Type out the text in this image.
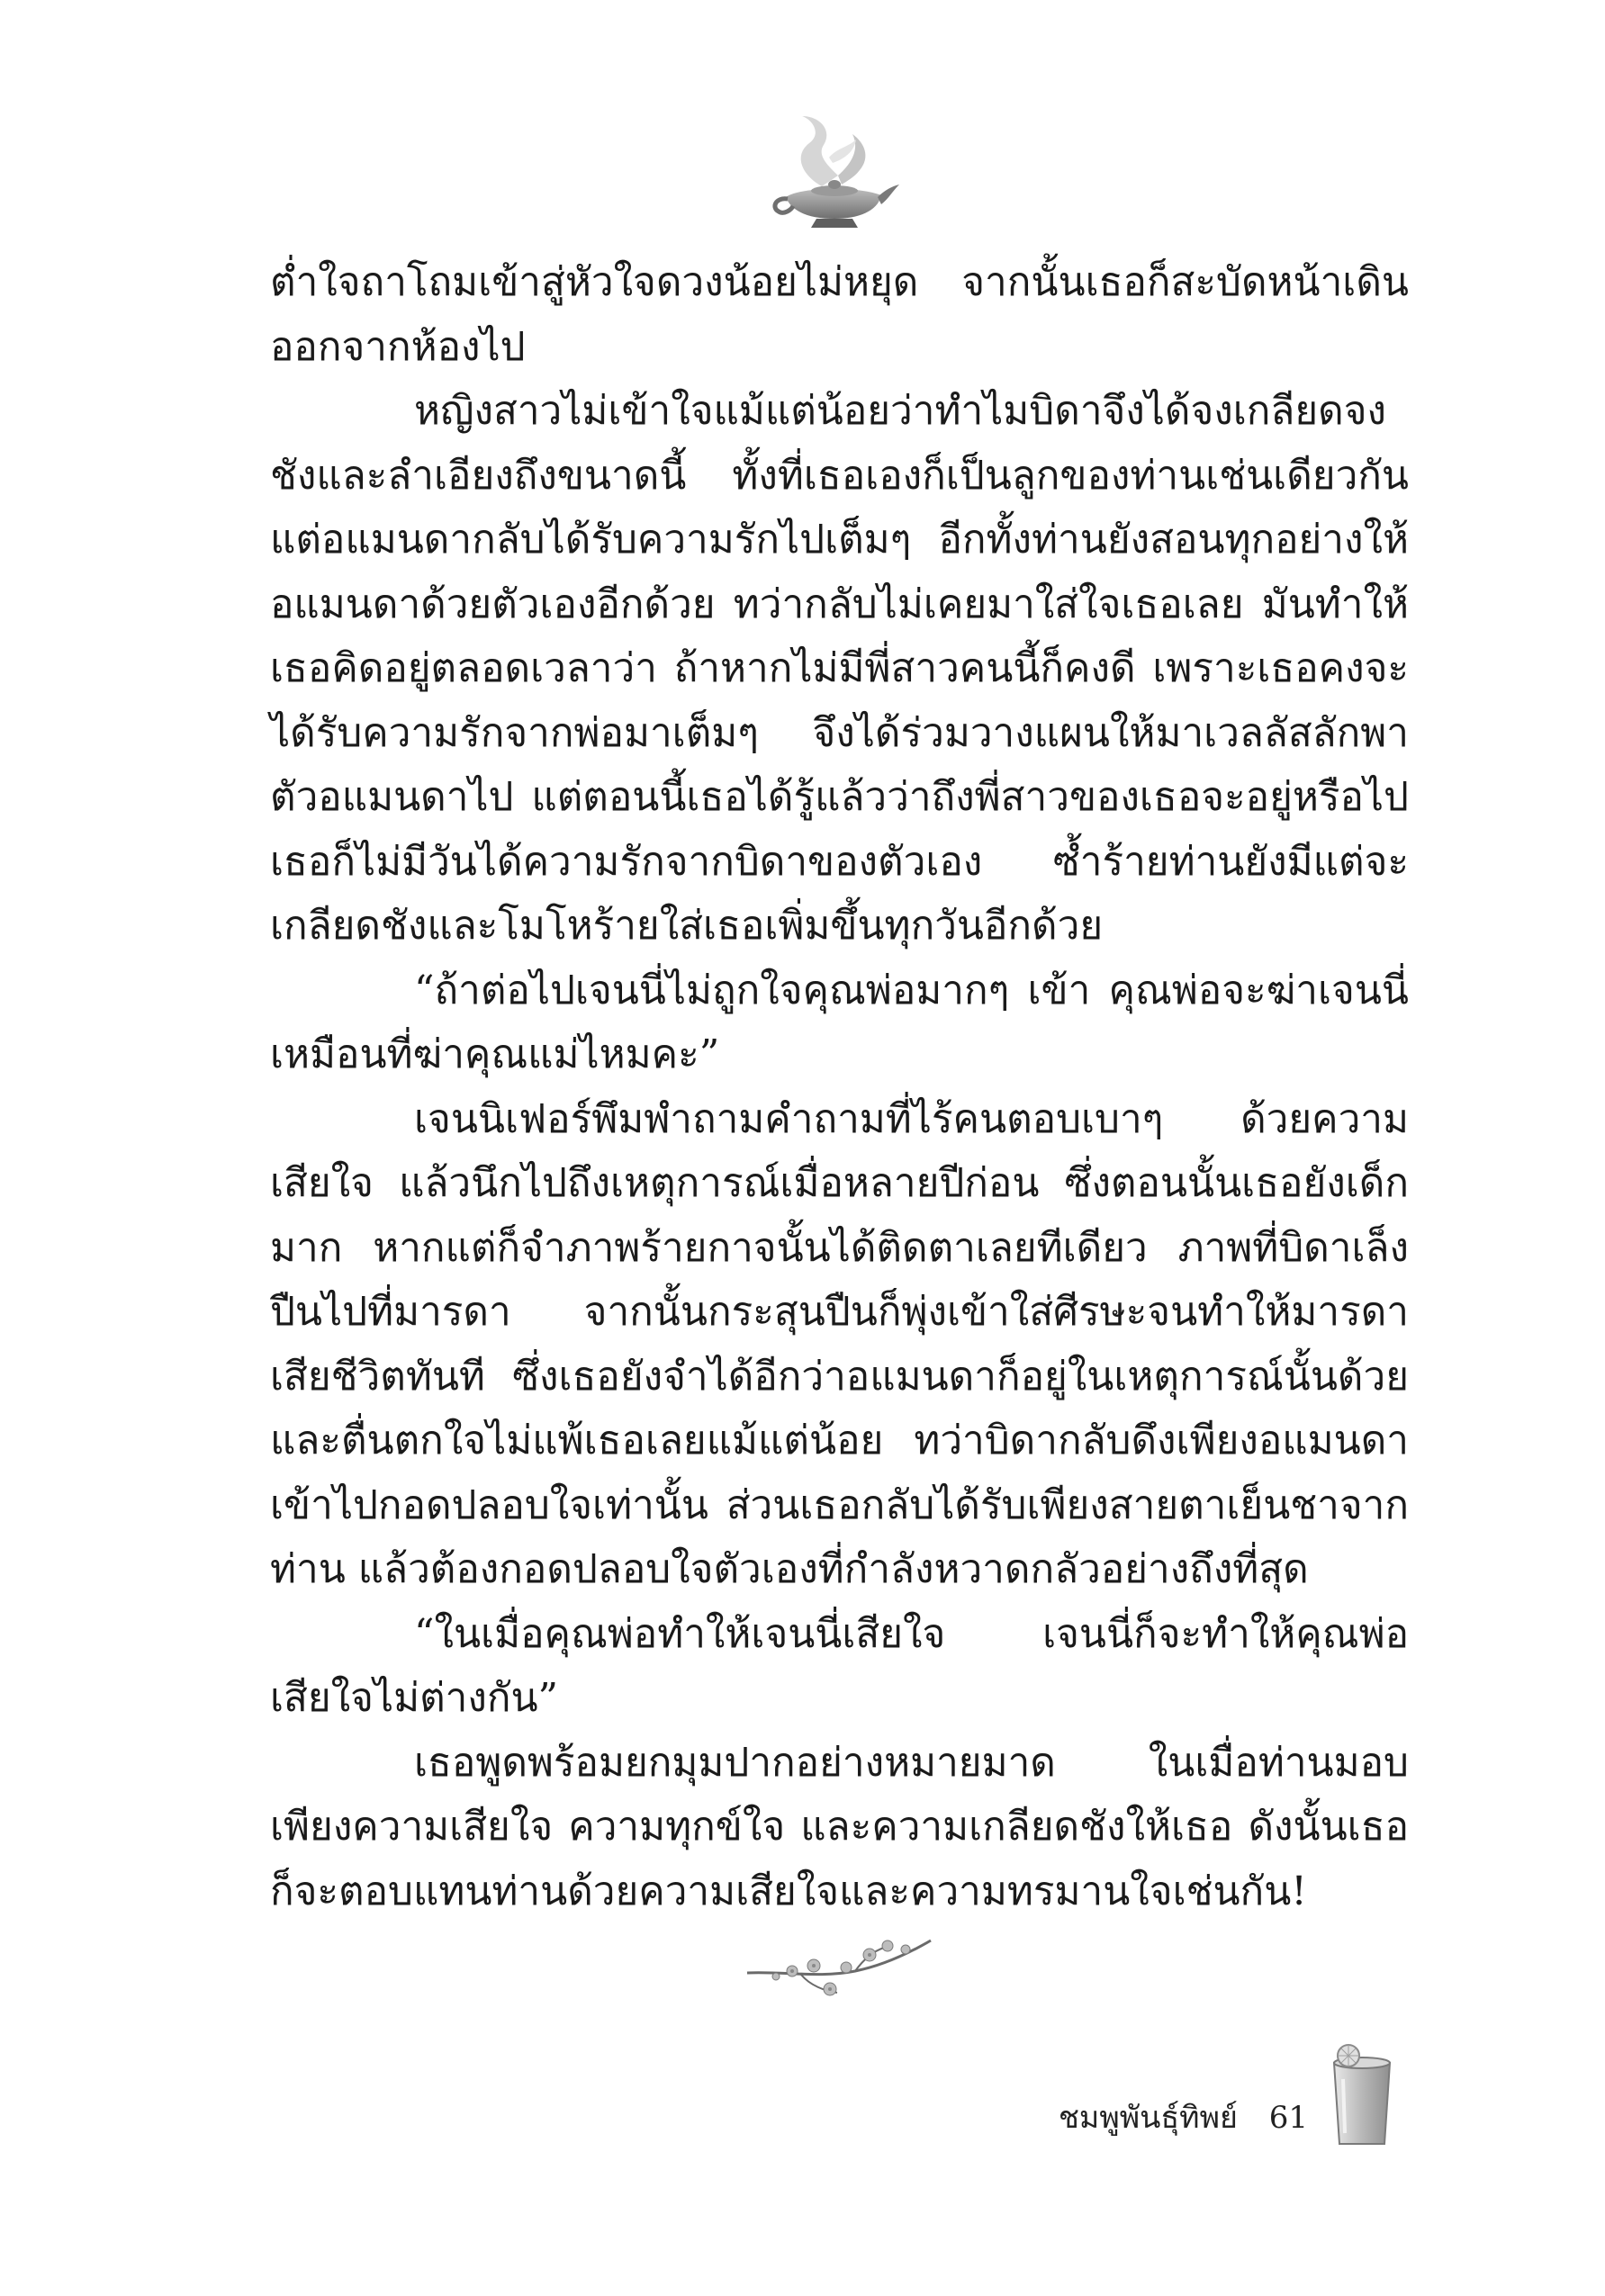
ต่ำใจถาโถมเข้าสู่หัวใจดวงน้อยไม่หยุด จากนั้นเธอก็สะบัดหน้าเดินออกจากห้องไป

หญิงสาวไม่เข้าใจแม้แต่น้อยว่าทำไมบิดาจึงได้จงเกลียดจงชังและลำเอียงถึงขนาดนี้ ทั้งที่เธอเองก็เป็นลูกของท่านเช่นเดียวกัน แต่อแมนดากลับได้รับความรักไปเต็มๆ อีกทั้งท่านยังสอนทุกอย่างให้อแมนดาด้วยตัวเองอีกด้วย ทว่ากลับไม่เคยมาใส่ใจเธอเลย มันทำให้เธอคิดอยู่ตลอดเวลาว่า ถ้าหากไม่มีพี่สาวคนนี้ก็คงดี เพราะเธอคงจะได้รับความรักจากพ่อมาเต็มๆ จึงได้ร่วมวางแผนให้มาเวลลัสลักพาตัวอแมนดาไป แต่ตอนนี้เธอได้รู้แล้วว่าถึงพี่สาวของเธอจะอยู่หรือไป เธอก็ไม่มีวันได้ความรักจากบิดาของตัวเอง ซ้ำร้ายท่านยังมีแต่จะเกลียดชังและโมโหร้ายใส่เธอเพิ่มขึ้นทุกวันอีกด้วย

“ถ้าต่อไปเจนนี่ไม่ถูกใจคุณพ่อมากๆ เข้า คุณพ่อจะฆ่าเจนนี่เหมือนที่ฆ่าคุณแม่ไหมคะ”

เจนนิเฟอร์พึมพำถามคำถามที่ไร้คนตอบเบาๆ ด้วยความเสียใจ แล้วนึกไปถึงเหตุการณ์เมื่อหลายปีก่อน ซึ่งตอนนั้นเธอยังเด็กมาก หากแต่ก็จำภาพร้ายกาจนั้นได้ติดตาเลยทีเดียว ภาพที่บิดาเล็งปืนไปที่มารดา จากนั้นกระสุนปืนก็พุ่งเข้าใส่ศีรษะจนทำให้มารดาเสียชีวิตทันที ซึ่งเธอยังจำได้อีกว่าอแมนดาก็อยู่ในเหตุการณ์นั้นด้วย และตื่นตกใจไม่แพ้เธอเลยแม้แต่น้อย ทว่าบิดากลับดึงเพียงอแมนดาเข้าไปกอดปลอบใจเท่านั้น ส่วนเธอกลับได้รับเพียงสายตาเย็นชาจากท่าน แล้วต้องกอดปลอบใจตัวเองที่กำลังหวาดกลัวอย่างถึงที่สุด

“ในเมื่อคุณพ่อทำให้เจนนี่เสียใจ เจนนี่ก็จะทำให้คุณพ่อเสียใจไม่ต่างกัน”

เธอพูดพร้อมยกมุมปากอย่างหมายมาด ในเมื่อท่านมอบเพียงความเสียใจ ความทุกข์ใจ และความเกลียดชังให้เธอ ดังนั้นเธอก็จะตอบแทนท่านด้วยความเสียใจและความทรมานใจเช่นกัน!

ชมพูพันธุ์ทิพย์ 61
